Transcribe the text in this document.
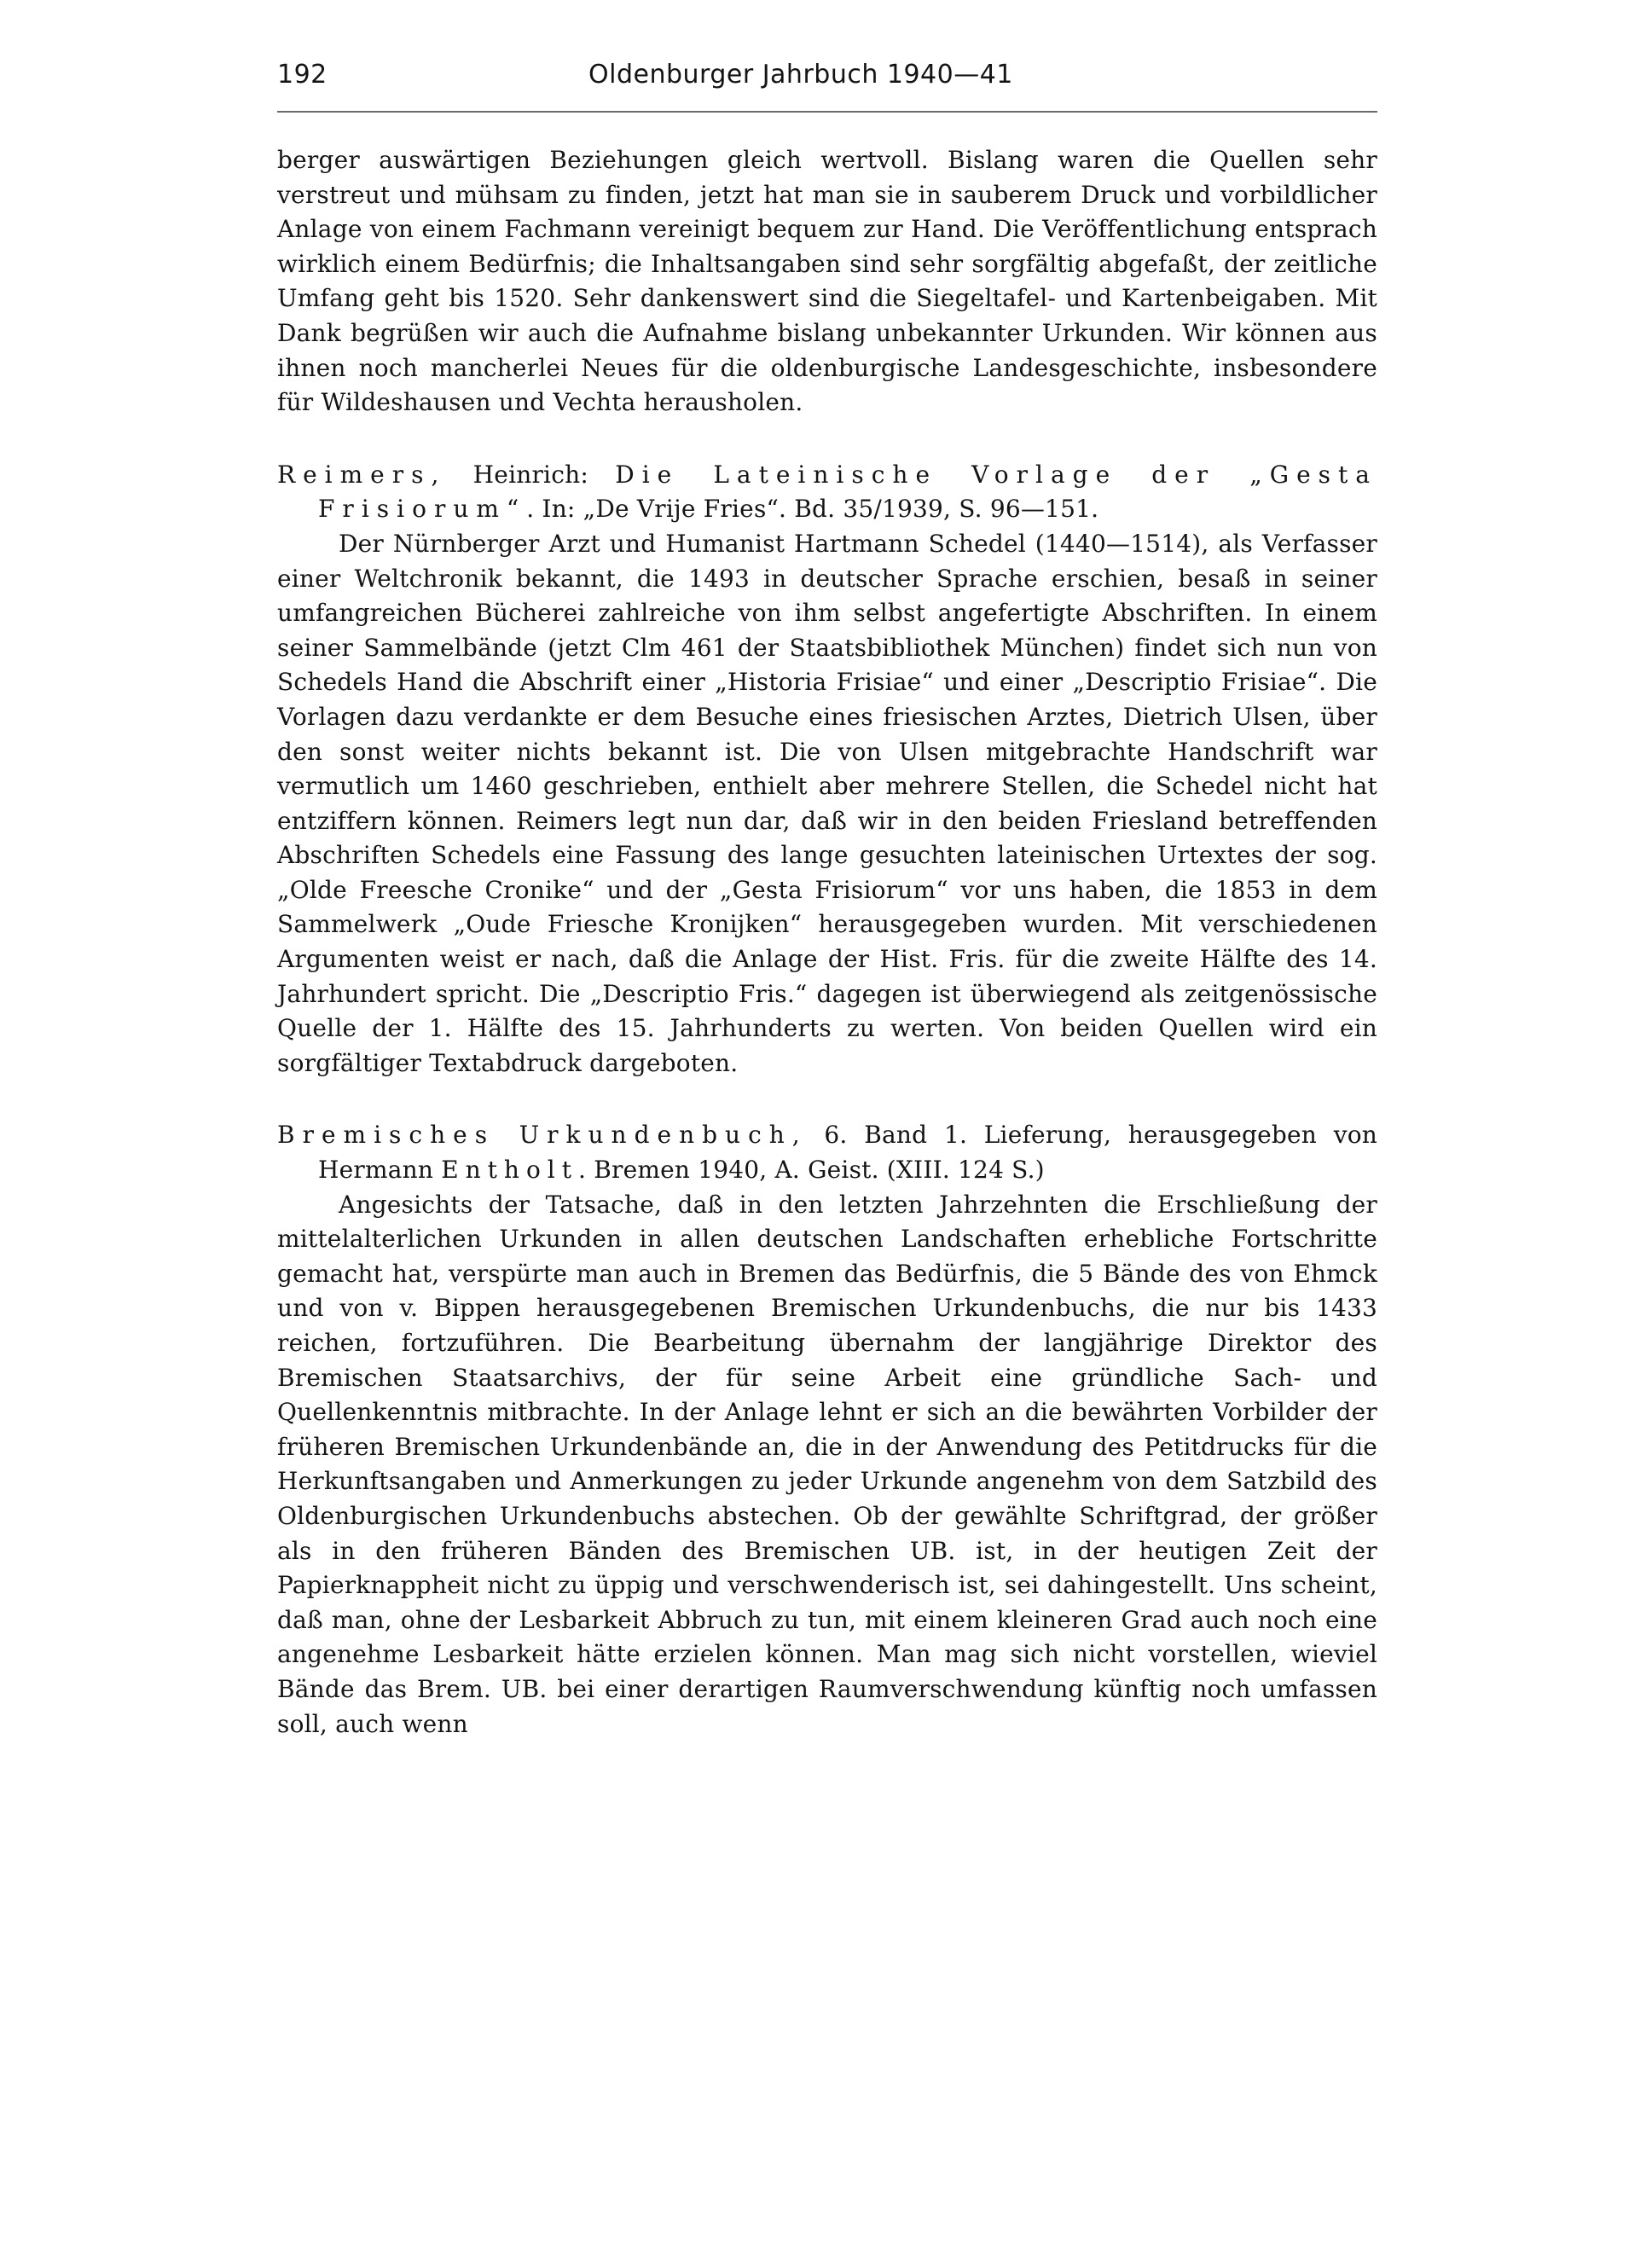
192	Oldenburger Jahrbuch 1940—41

berger auswärtigen Beziehungen gleich wertvoll. Bislang waren die Quellen sehr verstreut und mühsam zu finden, jetzt hat man sie in sauberem Druck und vorbildlicher Anlage von einem Fachmann vereinigt bequem zur Hand. Die Veröffentlichung entsprach wirklich einem Bedürfnis; die Inhaltsangaben sind sehr sorgfältig abgefaßt, der zeitliche Umfang geht bis 1520. Sehr dankenswert sind die Siegeltafel- und Kartenbeigaben. Mit Dank begrüßen wir auch die Aufnahme bislang unbekannter Urkunden. Wir können aus ihnen noch mancherlei Neues für die oldenburgische Landesgeschichte, insbesondere für Wildeshausen und Vechta herausholen.

Reimers, Heinrich: Die Lateinische Vorlage der „Gesta Frisiorum“. In: „De Vrije Fries“. Bd. 35/1939, S. 96—151.

Der Nürnberger Arzt und Humanist Hartmann Schedel (1440—1514), als Verfasser einer Weltchronik bekannt, die 1493 in deutscher Sprache erschien, besaß in seiner umfangreichen Bücherei zahlreiche von ihm selbst angefertigte Abschriften. In einem seiner Sammelbände (jetzt Clm 461 der Staatsbibliothek München) findet sich nun von Schedels Hand die Abschrift einer „Historia Frisiae“ und einer „Descriptio Frisiae“. Die Vorlagen dazu verdankte er dem Besuche eines friesischen Arztes, Dietrich Ulsen, über den sonst weiter nichts bekannt ist. Die von Ulsen mitgebrachte Handschrift war vermutlich um 1460 geschrieben, enthielt aber mehrere Stellen, die Schedel nicht hat entziffern können. Reimers legt nun dar, daß wir in den beiden Friesland betreffenden Abschriften Schedels eine Fassung des lange gesuchten lateinischen Urtextes der sog. „Olde Freesche Cronike“ und der „Gesta Frisiorum“ vor uns haben, die 1853 in dem Sammelwerk „Oude Friesche Kronijken“ herausgegeben wurden. Mit verschiedenen Argumenten weist er nach, daß die Anlage der Hist. Fris. für die zweite Hälfte des 14. Jahrhundert spricht. Die „Descriptio Fris.“ dagegen ist überwiegend als zeitgenössische Quelle der 1. Hälfte des 15. Jahrhunderts zu werten. Von beiden Quellen wird ein sorgfältiger Textabdruck dargeboten.

Bremisches Urkundenbuch, 6. Band 1. Lieferung, herausgegeben von Hermann Entholt. Bremen 1940, A. Geist. (XIII. 124 S.)

Angesichts der Tatsache, daß in den letzten Jahrzehnten die Erschließung der mittelalterlichen Urkunden in allen deutschen Landschaften erhebliche Fortschritte gemacht hat, verspürte man auch in Bremen das Bedürfnis, die 5 Bände des von Ehmck und von v. Bippen herausgegebenen Bremischen Urkundenbuchs, die nur bis 1433 reichen, fortzuführen. Die Bearbeitung übernahm der langjährige Direktor des Bremischen Staatsarchivs, der für seine Arbeit eine gründliche Sach- und Quellenkenntnis mitbrachte. In der Anlage lehnt er sich an die bewährten Vorbilder der früheren Bremischen Urkundenbände an, die in der Anwendung des Petitdrucks für die Herkunftsangaben und Anmerkungen zu jeder Urkunde angenehm von dem Satzbild des Oldenburgischen Urkundenbuchs abstechen. Ob der gewählte Schriftgrad, der größer als in den früheren Bänden des Bremischen UB. ist, in der heutigen Zeit der Papierknappheit nicht zu üppig und verschwenderisch ist, sei dahingestellt. Uns scheint, daß man, ohne der Lesbarkeit Abbruch zu tun, mit einem kleineren Grad auch noch eine angenehme Lesbarkeit hätte erzielen können. Man mag sich nicht vorstellen, wieviel Bände das Brem. UB. bei einer derartigen Raumverschwendung künftig noch umfassen soll, auch wenn
